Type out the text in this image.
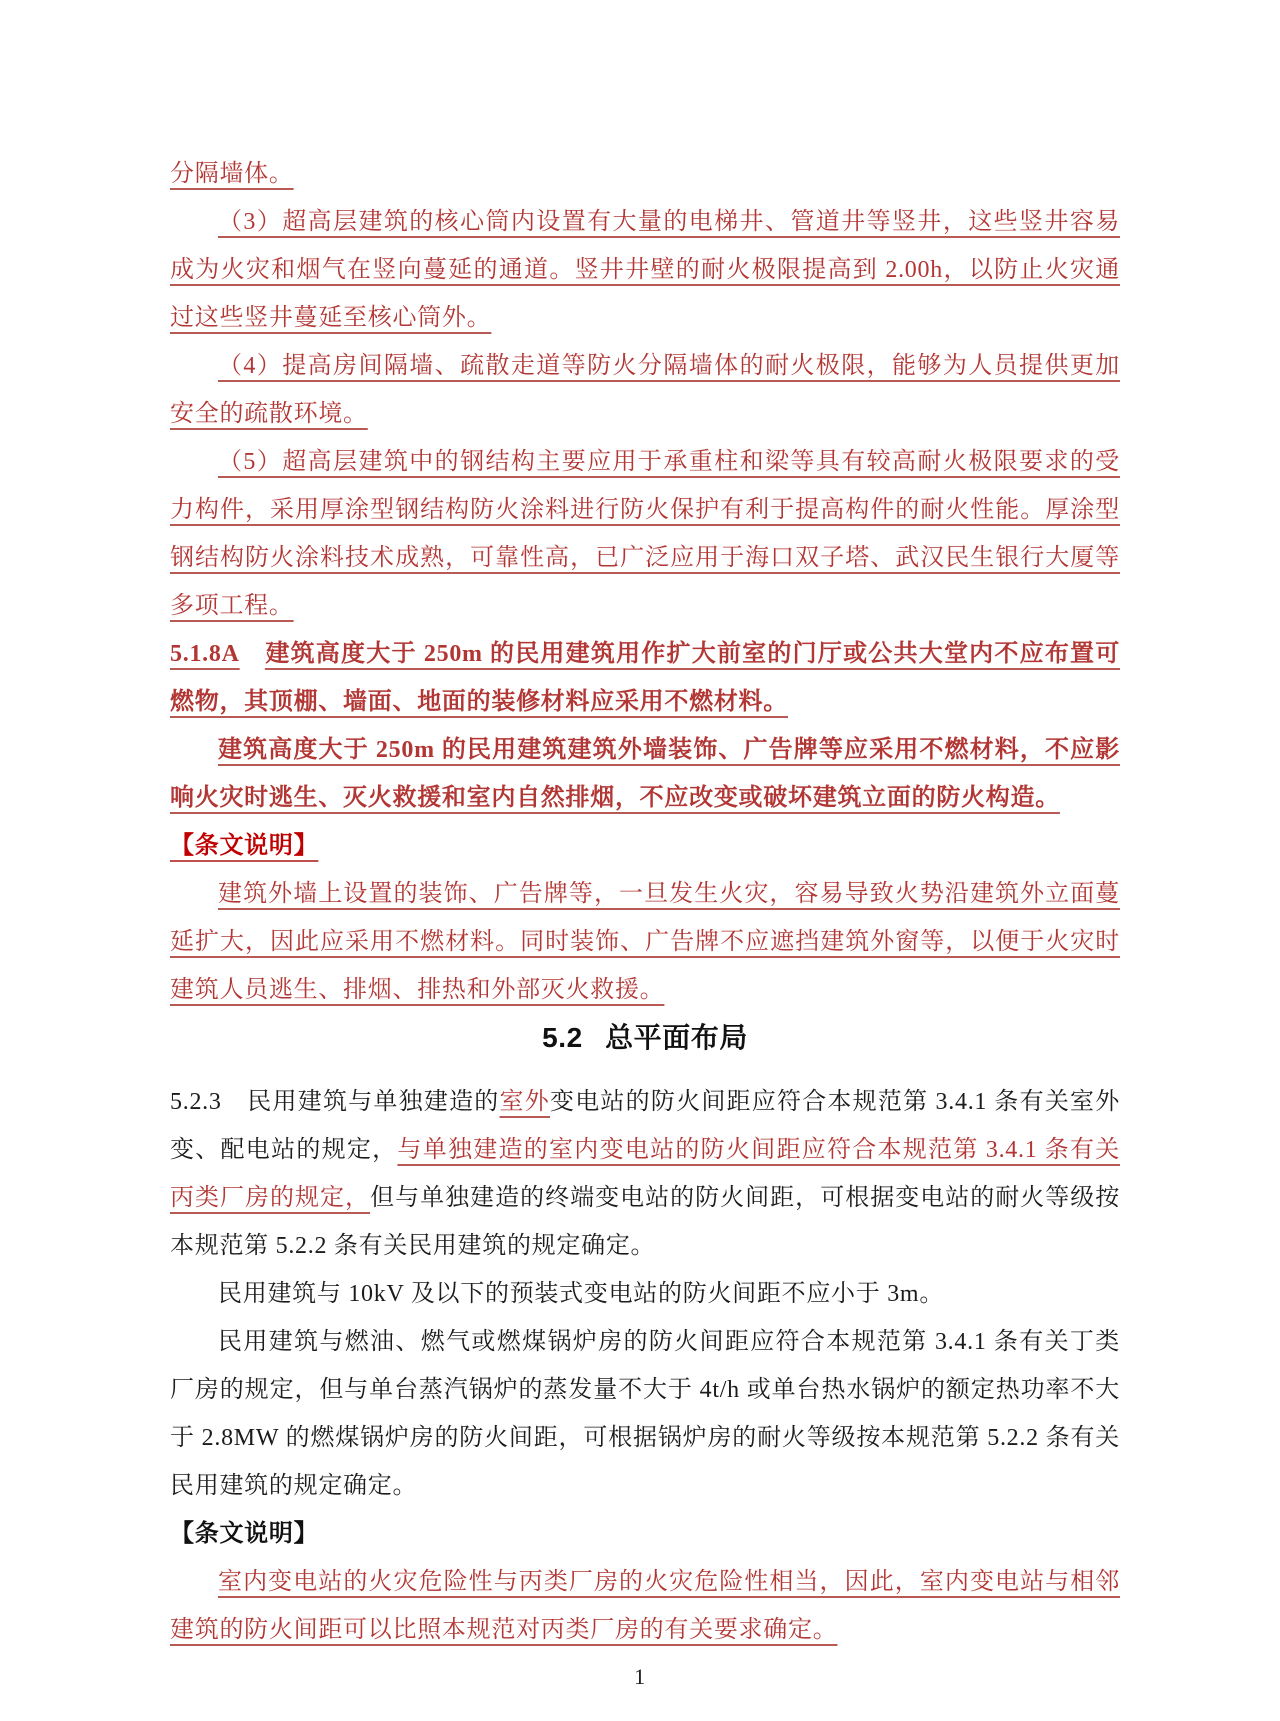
分隔墙体。

（3）超高层建筑的核心筒内设置有大量的电梯井、管道井等竖井，这些竖井容易成为火灾和烟气在竖向蔓延的通道。竖井井壁的耐火极限提高到 2.00h，以防止火灾通过这些竖井蔓延至核心筒外。

（4）提高房间隔墙、疏散走道等防火分隔墙体的耐火极限，能够为人员提供更加安全的疏散环境。

（5）超高层建筑中的钢结构主要应用于承重柱和梁等具有较高耐火极限要求的受力构件，采用厚涂型钢结构防火涂料进行防火保护有利于提高构件的耐火性能。厚涂型钢结构防火涂料技术成熟，可靠性高，已广泛应用于海口双子塔、武汉民生银行大厦等多项工程。

5.1.8A 建筑高度大于 250m 的民用建筑用作扩大前室的门厅或公共大堂内不应布置可燃物，其顶棚、墙面、地面的装修材料应采用不燃材料。

建筑高度大于 250m 的民用建筑建筑外墙装饰、广告牌等应采用不燃材料，不应影响火灾时逃生、灭火救援和室内自然排烟，不应改变或破坏建筑立面的防火构造。

【条文说明】

建筑外墙上设置的装饰、广告牌等，一旦发生火灾，容易导致火势沿建筑外立面蔓延扩大，因此应采用不燃材料。同时装饰、广告牌不应遮挡建筑外窗等，以便于火灾时建筑人员逃生、排烟、排热和外部灭火救援。

5.2 总平面布局

5.2.3 民用建筑与单独建造的室外变电站的防火间距应符合本规范第 3.4.1 条有关室外变、配电站的规定，与单独建造的室内变电站的防火间距应符合本规范第 3.4.1 条有关丙类厂房的规定，但与单独建造的终端变电站的防火间距，可根据变电站的耐火等级按本规范第 5.2.2 条有关民用建筑的规定确定。

民用建筑与 10kV 及以下的预装式变电站的防火间距不应小于 3m。

民用建筑与燃油、燃气或燃煤锅炉房的防火间距应符合本规范第 3.4.1 条有关丁类厂房的规定，但与单台蒸汽锅炉的蒸发量不大于 4t/h 或单台热水锅炉的额定热功率不大于 2.8MW 的燃煤锅炉房的防火间距，可根据锅炉房的耐火等级按本规范第 5.2.2 条有关民用建筑的规定确定。

【条文说明】

室内变电站的火灾危险性与丙类厂房的火灾危险性相当，因此，室内变电站与相邻建筑的防火间距可以比照本规范对丙类厂房的有关要求确定。

1
